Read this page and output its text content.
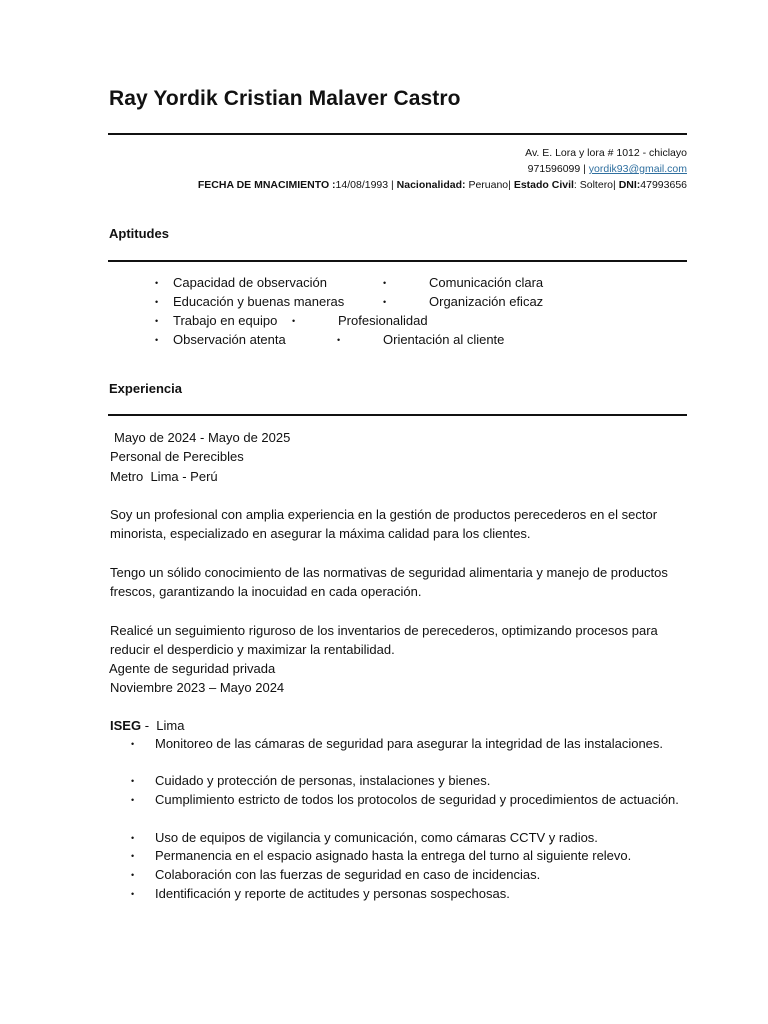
Ray Yordik Cristian Malaver Castro
Av. E. Lora y lora # 1012 - chiclayo
971596099 | yordik93@gmail.com
FECHA DE MNACIMIENTO :14/08/1993 | Nacionalidad: Peruano| Estado Civil: Soltero| DNI:47993656
Aptitudes
• Capacidad de observación	•	Comunicación clara
• Educación y buenas maneras	•	Organización eficaz
• Trabajo en equipo •	Profesionalidad
• Observación atenta	•	Orientación al cliente
Experiencia
Mayo de 2024 - Mayo de 2025
Personal de Perecibles
Metro  Lima - Perú
Soy un profesional con amplia experiencia en la gestión de productos perecederos en el sector minorista, especializado en asegurar la máxima calidad para los clientes.
Tengo un sólido conocimiento de las normativas de seguridad alimentaria y manejo de productos frescos, garantizando la inocuidad en cada operación.
Realicé un seguimiento riguroso de los inventarios de perecederos, optimizando procesos para reducir el desperdicio y maximizar la rentabilidad.
Agente de seguridad privada
Noviembre 2023 – Mayo 2024
ISEG -  Lima
• Monitoreo de las cámaras de seguridad para asegurar la integridad de las instalaciones.
• Cuidado y protección de personas, instalaciones y bienes.
• Cumplimiento estricto de todos los protocolos de seguridad y procedimientos de actuación.
• Uso de equipos de vigilancia y comunicación, como cámaras CCTV y radios.
• Permanencia en el espacio asignado hasta la entrega del turno al siguiente relevo.
• Colaboración con las fuerzas de seguridad en caso de incidencias.
• Identificación y reporte de actitudes y personas sospechosas.
